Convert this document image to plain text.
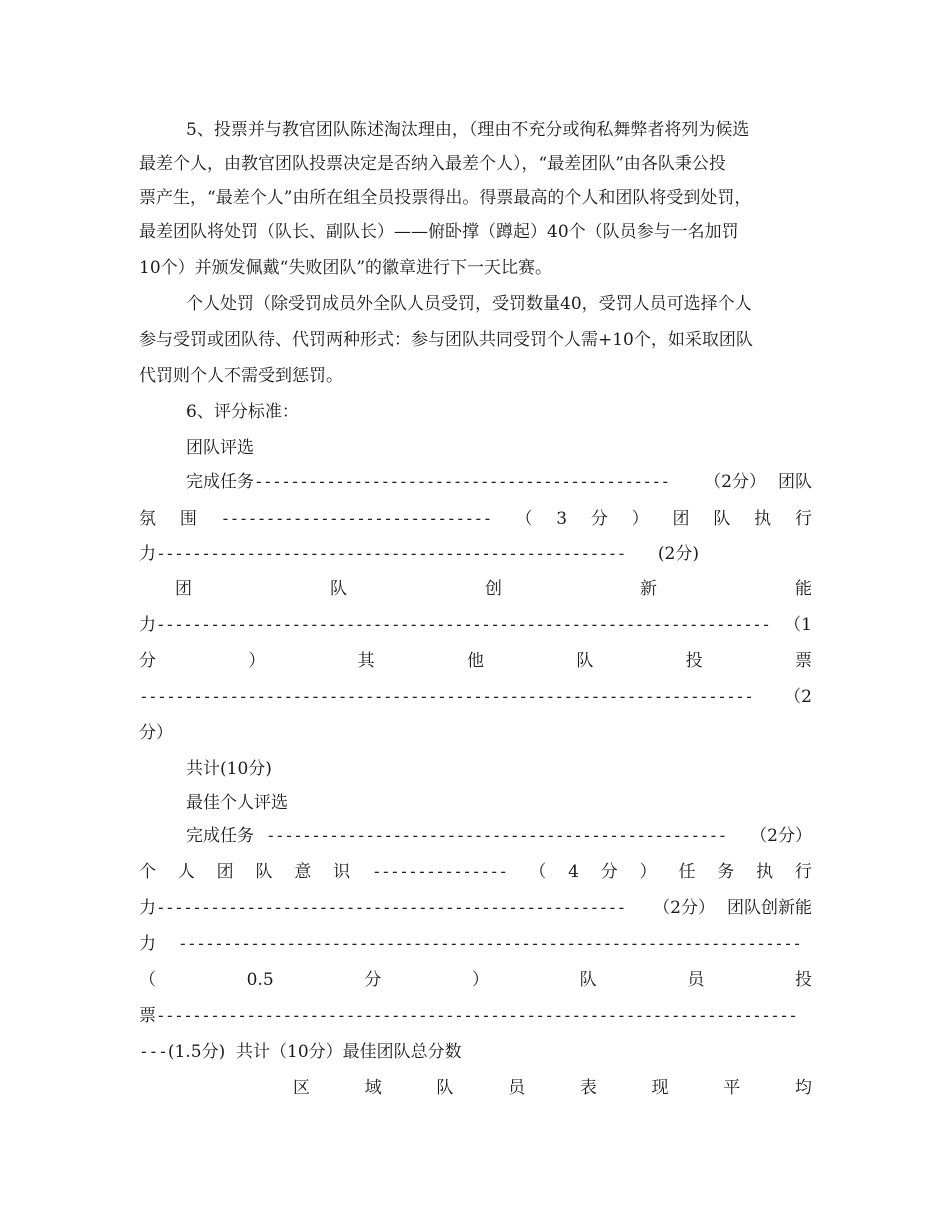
5、投票并与教官团队陈述淘汰理由，（理由不充分或徇私舞弊者将列为候选
最差个人，由教官团队投票决定是否纳入最差个人），“最差团队”由各队秉公投
票产生，“最差个人”由所在组全员投票得出。得票最高的个人和团队将受到处罚，
最差团队将处罚（队长、副队长）——俯卧撑（蹲起）40个（队员参与一名加罚
10个）并颁发佩戴“失败团队”的徽章进行下一天比赛。
个人处罚（除受罚成员外全队人员受罚，受罚数量40，受罚人员可选择个人
参与受罚或团队待、代罚两种形式：参与团队共同受罚个人需+10个，如采取团队
代罚则个人不需受到惩罚。
6、评分标准：
团队评选
完成任务 ----------------------------------------------	（2分） 团队
氛 围 ------------------------------ （ 3 分 ） 团 队 执 行
力 ----------------------------------------------------	(2分)
团	队	创	新	能
力 -------------------------------------------------------------------- （1
分	）	其	他	队	投	票
--------------------------------------------------------------------	（2
分）
共计(10分)
最佳个人评选
完成任务 ---------------------------------------------------	（2分）
个 人 团 队 意 识 --------------- （ 4 分 ） 任 务 执 行
力 ----------------------------------------------------	（2分） 团队创新能
力 ---------------------------------------------------------------------
（	0.5	分	）	队	员	投
票 -----------------------------------------------------------------------
--- (1.5分)  共计（10分）最佳团队总分数
区	域	队	员	表	现	平	均
